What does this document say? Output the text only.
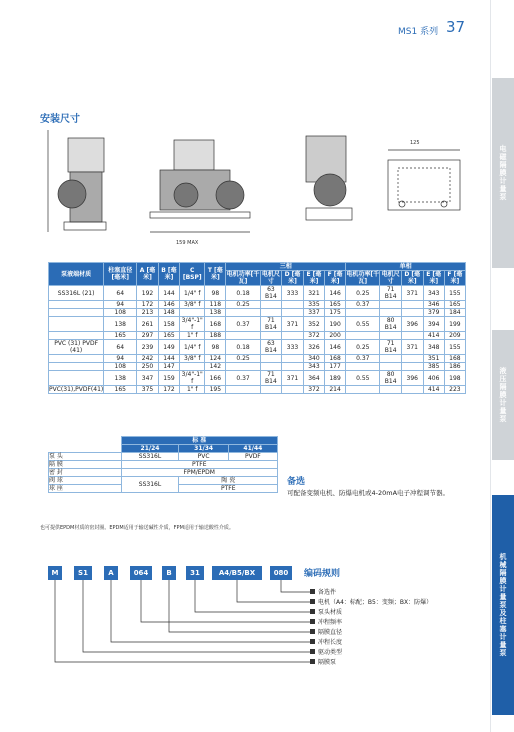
MS1 系列 37
电磁隔膜计量泵
液压隔膜计量泵
机械隔膜计量泵及柱塞计量泵
安装尺寸
125
159 MAX
泵液端材质	柱塞直径[毫米]	A [毫米]	B [毫米]	C [BSP]	T [毫米]	三相					单相				
						电机功率[千瓦]	电机尺寸	D [毫米]	E [毫米]	F [毫米]	电机功率[千瓦]	电机尺寸	D [毫米]	E [毫米]	F [毫米]
SS316L (21)	64	192	144	1/4" f	98	0.18	63 B14	333	321	146	0.25	71 B14	371	343	155
	94	172	146	3/8" f	118	0.25			335	165	0.37			346	165
	108	213	148		138				337	175				379	184
	138	261	158	3/4"-1" f	168	0.37	71 B14	371	352	190	0.55	80 B14	396	394	199
	165	297	165	1" f	188				372	200				414	209
PVC (31) PVDF (41)	64	239	149	1/4" f	98	0.18	63 B14	333	326	146	0.25	71 B14	371	348	155
	94	242	144	3/8" f	124	0.25			340	168	0.37			351	168
	108	250	147		142				343	177				385	186
	138	347	159	3/4"-1" f	166	0.37	71 B14	371	364	189	0.55	80 B14	396	406	198
PVC(31),PVDF(41)	165	375	172	1" f	195				372	214				414	223
	标 准		
	21/24	31/34	41/44
泵 头	SS316L	PVC	PVDF
隔 膜	PTFE		
密 封	FPM/EPDM		
阀 球	SS316L	陶 瓷	
球 座		PTFE	
也可提供EPDM材质的密封圈。EPDM适用于输送碱性介质，FPM适用于输送酸性介质。
备选
可配备变频电机、防爆电机或4-20mA电子冲程调节器。
M	S1	A	064	B	31	A4/B5/BX	080	编码规则
备选件
电机（A4：标配；B5：变频；BX：防爆）
泵头材质
冲程频率
隔膜直径
冲程长度
驱动类型
隔膜泵
